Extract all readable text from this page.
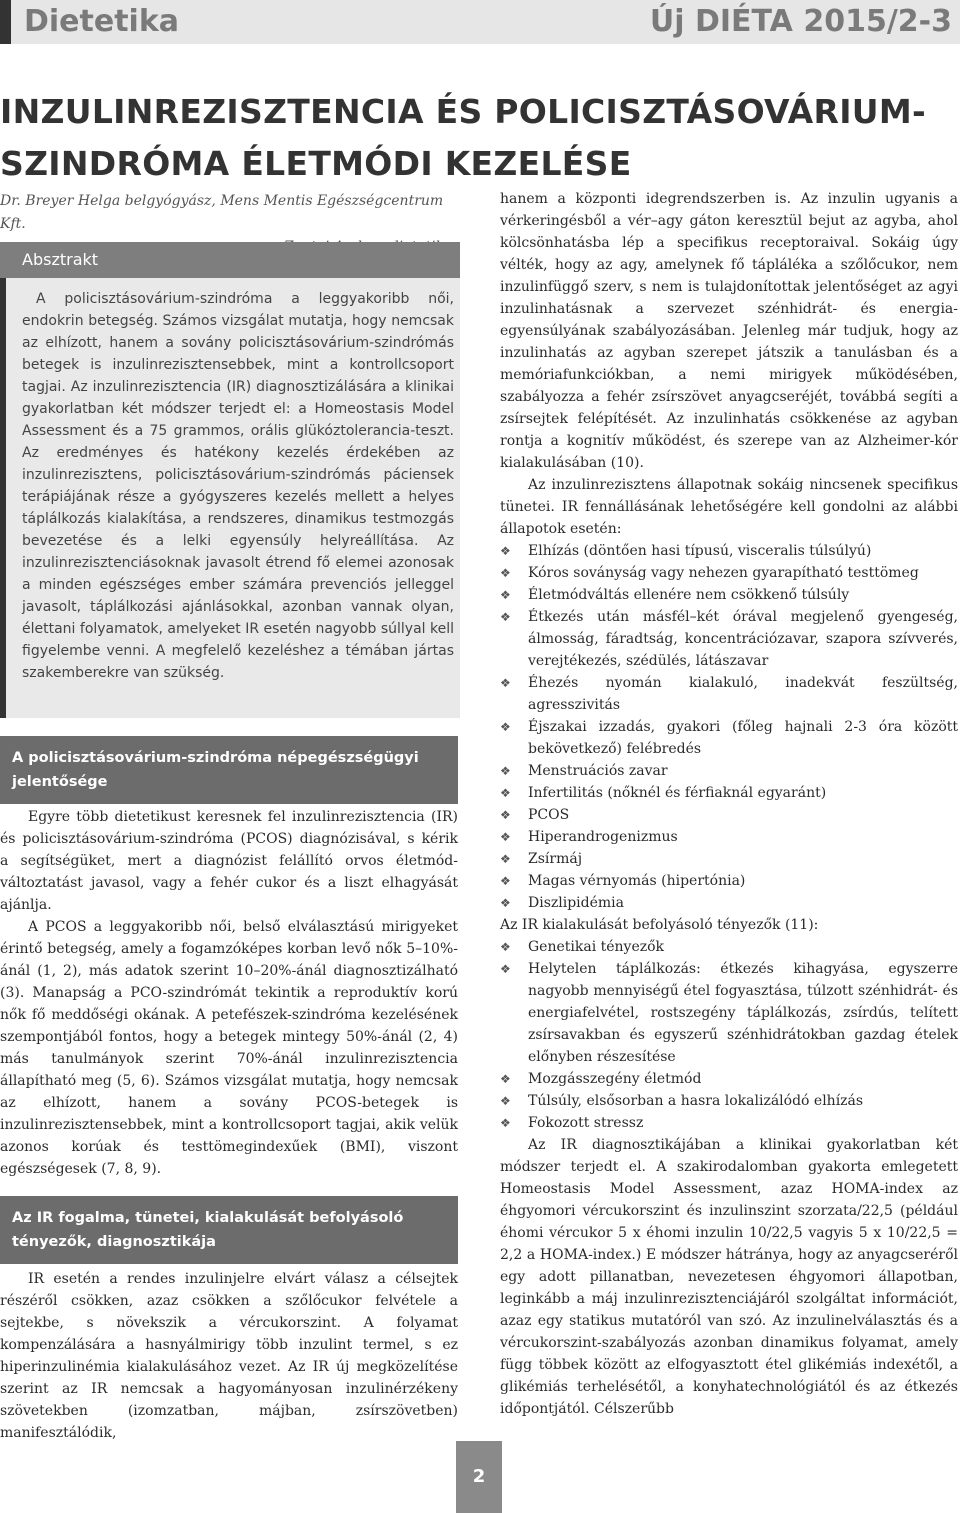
Dietetika	Új DIÉTA 2015/2-3
INZULINREZISZTENCIA ÉS POLICISZTÁSOVÁRIUM-SZINDRÓMA ÉLETMÓDI KEZELÉSE
Dr. Breyer Helga belgyógyász, Mens Mentis Egészségcentrum Kft.
Absztrakt

A policisztásovárium-szindróma a leggyakoribb női, endokrin betegség. Számos vizsgálat mutatja, hogy nemcsak az elhízott, hanem a sovány policisztásovárium-szindrómás betegek is inzulinrezisztensebbek, mint a kontrollcsoport tagjai. Az inzulinrezisztencia (IR) diagnosztizálására a klinikai gyakorlatban két módszer terjedt el: a Homeostasis Model Assessment és a 75 grammos, orális glükóztolerancia-teszt. Az eredményes és hatékony kezelés érdekében az inzulinrezisztens, policisztásovárium-szindrómás páciensek terápiájának része a gyógyszeres kezelés mellett a helyes táplálkozás kialakítása, a rendszeres, dinamikus testmozgás bevezetése és a lelki egyensúly helyreállítása. Az inzulinrezisztenciásoknak javasolt étrend fő elemei azonosak a minden egészséges ember számára prevenciós jelleggel javasolt, táplálkozási ajánlásokkal, azonban vannak olyan, élettani folyamatok, amelyeket IR esetén nagyobb súllyal kell figyelembe venni. A megfelelő kezeléshez a témában jártas szakemberekre van szükség.

A policisztásovárium-szindróma népegészségügyi jelentősége

Egyre több dietetikust keresnek fel inzulinrezisztencia (IR) és policisztásovárium-szindróma (PCOS) diagnózisával, s kérik a segítségüket, mert a diagnózist felállító orvos életmód-változtatást javasol, vagy a fehér cukor és a liszt elhagyását ajánlja.

A PCOS a leggyakoribb női, belső elválasztású mirigyeket érintő betegség, amely a fogamzóképes korban levő nők 5–10%-ánál (1, 2), más adatok szerint 10–20%-ánál diagnosztizálható (3). Manapság a PCO-szindrómát tekintik a reproduktív korú nők fő meddőségi okának. A petefészek-szindróma kezelésének szempontjából fontos, hogy a betegek mintegy 50%-ánál (2, 4) más tanulmányok szerint 70%-ánál inzulinrezisztencia állapítható meg (5, 6). Számos vizsgálat mutatja, hogy nemcsak az elhízott, hanem a sovány PCOS-betegek is inzulinrezisztensebbek, mint a kontrollcsoport tagjai, akik velük azonos korúak és testtömegindexűek (BMI), viszont egészségesek (7, 8, 9).

Az IR fogalma, tünetei, kialakulását befolyásoló tényezők, diagnosztikája

IR esetén a rendes inzulinjelre elvárt válasz a célsejtek részéről csökken, azaz csökken a szőlőcukor felvétele a sejtekbe, s növekszik a vércukorszint. A folyamat kompenzálására a hasnyálmirigy több inzulint termel, s ez hiperinzulinémia kialakulásához vezet. Az IR új megközelítése szerint az IR nemcsak a hagyományosan inzulinérzékeny szövetekben (izomzatban, májban, zsírszövetben) manifesztálódik,

hanem a központi idegrendszerben is. Az inzulin ugyanis a vérkeringésből a vér–agy gáton keresztül bejut az agyba, ahol kölcsönhatásba lép a specifikus receptoraival. Sokáig úgy vélték, hogy az agy, amelynek fő tápláléka a szőlőcukor, nem inzulinfüggő szerv, s nem is tulajdonítottak jelentőséget az agyi inzulinhatásnak a szervezet szénhidrát- és energia-egyensúlyának szabályozásában. Jelenleg már tudjuk, hogy az inzulinhatás az agyban szerepet játszik a tanulásban és a memóriafunkciókban, a nemi mirigyek működésében, szabályozza a fehér zsírszövet anyagcseréjét, továbbá segíti a zsírsejtek felépítését. Az inzulinhatás csökkenése az agyban rontja a kognitív működést, és szerepe van az Alzheimer-kór kialakulásában (10).

Az inzulinrezisztens állapotnak sokáig nincsenek specifikus tünetei. IR fennállásának lehetőségére kell gondolni az alábbi állapotok esetén:

❖ Elhízás (döntően hasi típusú, visceralis túlsúlyú)
❖ Kóros soványság vagy nehezen gyarapítható testtömeg
❖ Életmódváltás ellenére nem csökkenő túlsúly
❖ Étkezés után másfél–két órával megjelenő gyengeség, álmosság, fáradtság, koncentrációzavar, szapora szívverés, verejtékezés, szédülés, látászavar
❖ Éhezés nyomán kialakuló, inadekvát feszültség, agresszivitás
❖ Éjszakai izzadás, gyakori (főleg hajnali 2-3 óra között bekövetkező) felébredés
❖ Menstruációs zavar
❖ Infertilitás (nőknél és férfiaknál egyaránt)
❖ PCOS
❖ Hiperandrogenizmus
❖ Zsírmáj
❖ Magas vérnyomás (hipertónia)
❖ Diszlipidémia

Az IR kialakulását befolyásoló tényezők (11):

❖ Genetikai tényezők
❖ Helytelen táplálkozás: étkezés kihagyása, egyszerre nagyobb mennyiségű étel fogyasztása, túlzott szénhidrát- és energiafelvétel, rostszegény táplálkozás, zsírdús, telített zsírsavakban és egyszerű szénhidrátokban gazdag ételek előnyben részesítése
❖ Mozgásszegény életmód
❖ Túlsúly, elsősorban a hasra lokalizálódó elhízás
❖ Fokozott stressz

Az IR diagnosztikájában a klinikai gyakorlatban két módszer terjedt el. A szakirodalomban gyakorta emlegetett Homeostasis Model Assessment, azaz HOMA-index az éhgyomori vércukorszint és inzulinszint szorzata/22,5 (például éhomi vércukor 5 x éhomi inzulin 10/22,5 vagyis 5 x 10/22,5 = 2,2 a HOMA-index.) E módszer hátránya, hogy az anyagcseréről egy adott pillanatban, nevezetesen éhgyomori állapotban, leginkább a máj inzulinrezisztenciájáról szolgáltat információt, azaz egy statikus mutatóról van szó. Az inzulinelválasztás és a vércukorszint-szabályozás azonban dinamikus folyamat, amely függ többek között az elfogyasztott étel glikémiás indexétől, a glikémiás terhelésétől, a konyhatechnológiától és az étkezés időpontjától. Célszerűbb

2
